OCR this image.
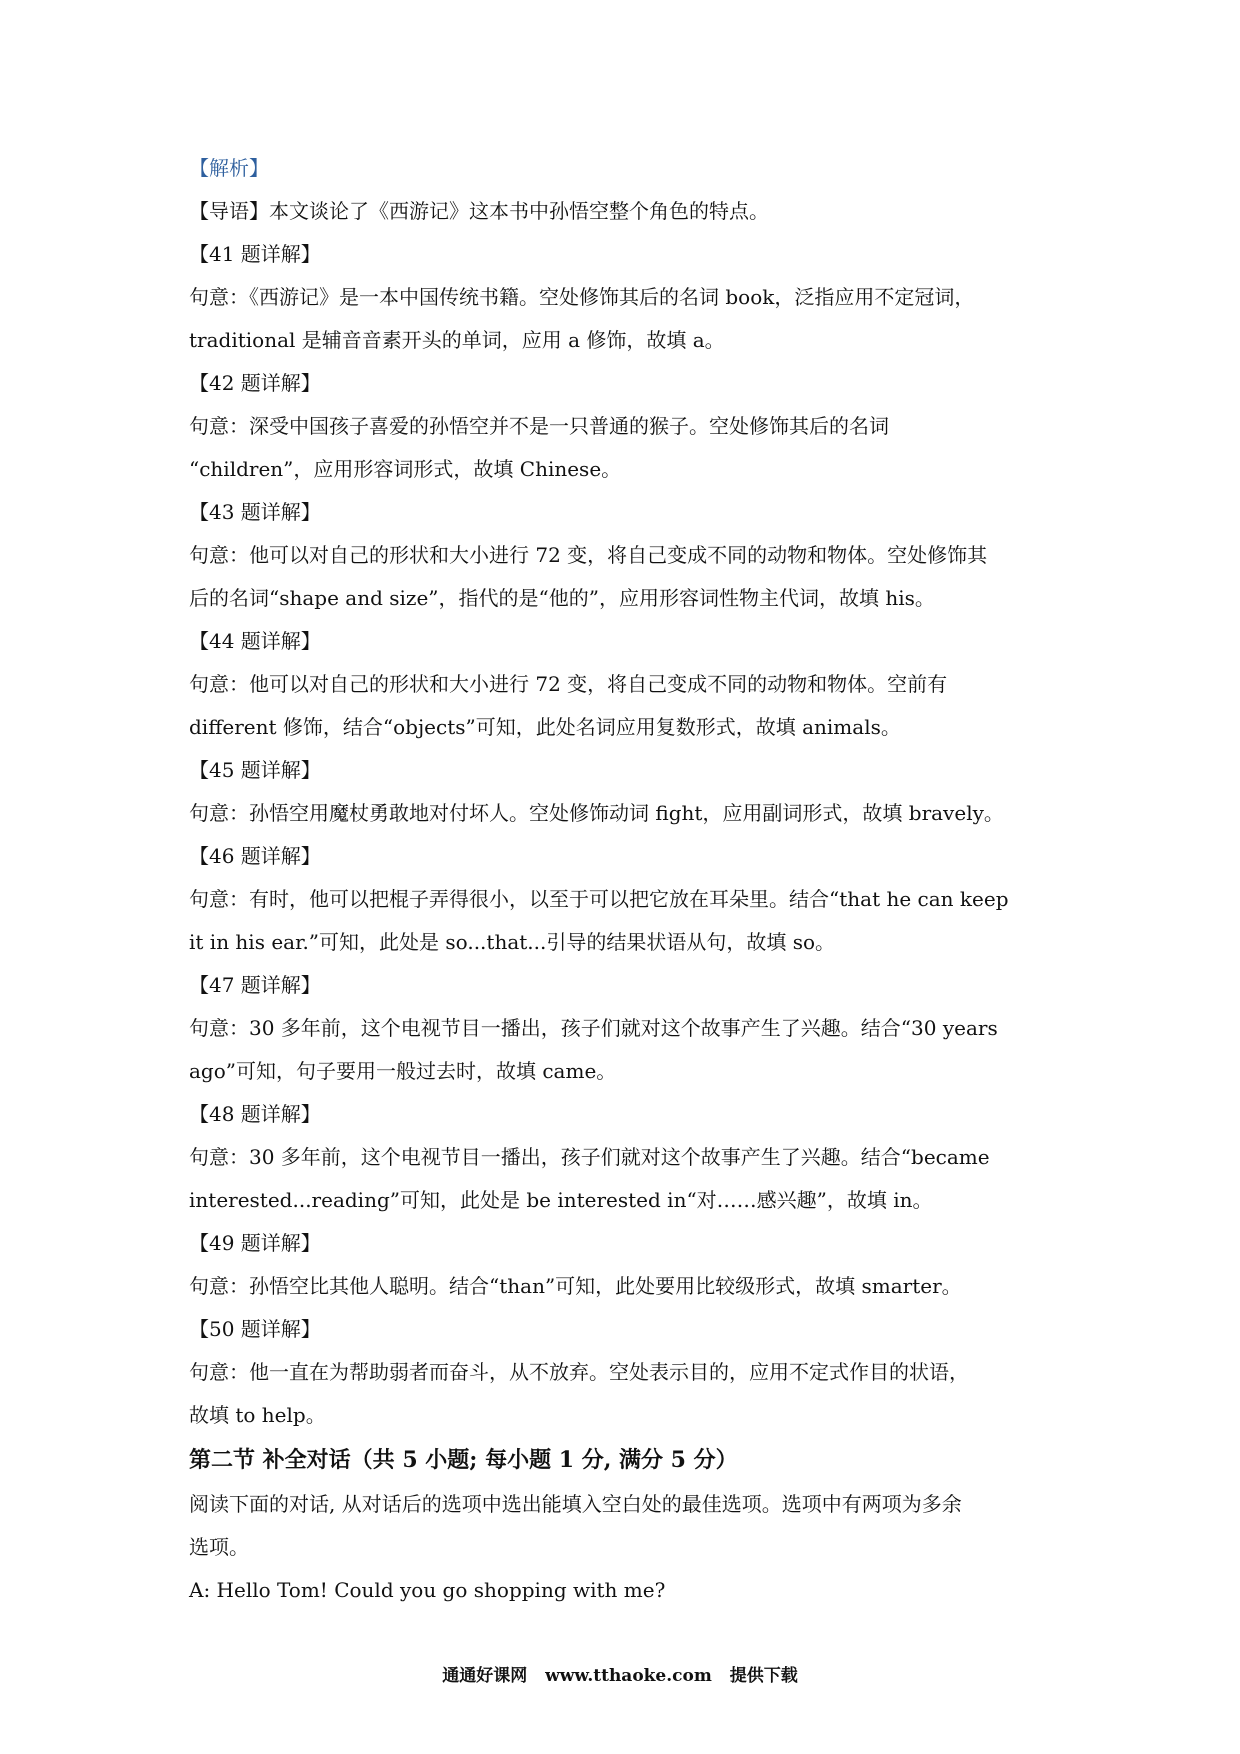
【解析】
【导语】本文谈论了《西游记》这本书中孙悟空整个角色的特点。
【41 题详解】
句意：《西游记》是一本中国传统书籍。空处修饰其后的名词 book，泛指应用不定冠词，
traditional 是辅音音素开头的单词，应用 a 修饰，故填 a。
【42 题详解】
句意：深受中国孩子喜爱的孙悟空并不是一只普通的猴子。空处修饰其后的名词
“children”，应用形容词形式，故填 Chinese。
【43 题详解】
句意：他可以对自己的形状和大小进行 72 变，将自己变成不同的动物和物体。空处修饰其
后的名词“shape and size”，指代的是“他的”，应用形容词性物主代词，故填 his。
【44 题详解】
句意：他可以对自己的形状和大小进行 72 变，将自己变成不同的动物和物体。空前有
different 修饰，结合“objects”可知，此处名词应用复数形式，故填 animals。
【45 题详解】
句意：孙悟空用魔杖勇敢地对付坏人。空处修饰动词 fight，应用副词形式，故填 bravely。
【46 题详解】
句意：有时，他可以把棍子弄得很小，以至于可以把它放在耳朵里。结合“that he can keep
it in his ear.”可知，此处是 so...that...引导的结果状语从句，故填 so。
【47 题详解】
句意：30 多年前，这个电视节目一播出，孩子们就对这个故事产生了兴趣。结合“30 years
ago”可知，句子要用一般过去时，故填 came。
【48 题详解】
句意：30 多年前，这个电视节目一播出，孩子们就对这个故事产生了兴趣。结合“became
interested...reading”可知，此处是 be interested in“对……感兴趣”，故填 in。
【49 题详解】
句意：孙悟空比其他人聪明。结合“than”可知，此处要用比较级形式，故填 smarter。
【50 题详解】
句意：他一直在为帮助弱者而奋斗，从不放弃。空处表示目的，应用不定式作目的状语，
故填 to help。
第二节 补全对话（共 5 小题; 每小题 1 分, 满分 5 分）
阅读下面的对话, 从对话后的选项中选出能填入空白处的最佳选项。选项中有两项为多余
选项。
A: Hello Tom! Could you go shopping with me?
通通好课网 www.tthaoke.com 提供下载
